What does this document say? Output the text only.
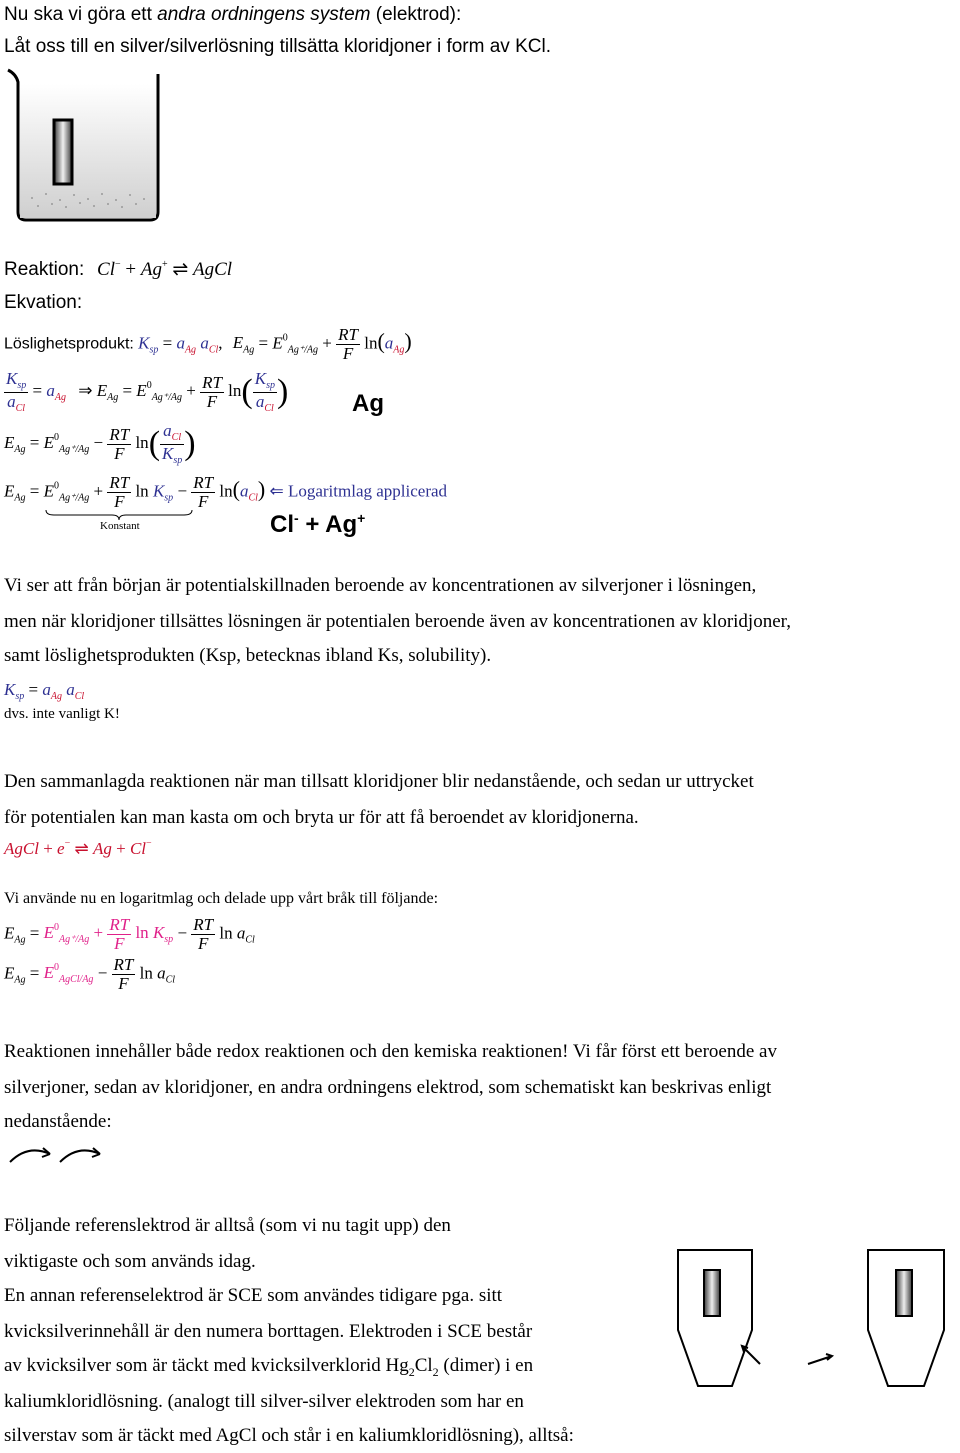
Nu ska vi göra ett andra ordningens system (elektrod):
Låt oss till en silver/silverlösning tillsätta kloridjoner i form av KCl.
Reaktion: Cl− + Ag+ ⇌ AgCl
Ekvation:
Löslighetsprodukt: $K_{sp} = a_{Ag}$ $a_{Cl}$, $E_{Ag} = E^0_{Ag^+/Ag} + \frac{RT}{F} \ln(a_{Ag})$
$\frac{K_{sp}}{a_{Cl}} = a_{Ag}$ ⇒ $E_{Ag} = E^0_{Ag^+/Ag} + \frac{RT}{F} \ln( \frac{K_{sp}}{a_{Cl}}$ )	Ag
$E_{Ag} = E^0_{Ag^+/Ag} - \frac{RT}{F} \ln( \frac{a_{Cl}}{K_{sp}}$ )
$E_{Ag} = E^0_{Ag^+/Ag} + \frac{RT}{F}$ $\ln K_{sp} - \frac{RT}{F} \ln(a_{Cl})$ ⇐ Logaritmlag applicerad
Konstant	Cl- + Ag+
Vi ser att från början är potentialskillnaden beroende av koncentrationen av silverjoner i lösningen,
men när kloridjoner tillsättes lösningen är potentialen beroende även av koncentrationen av kloridjoner,
samt löslighetsprodukten (Ksp, betecknas ibland Ks, solubility).
$K_{sp} = a_{Ag}$ $a_{Cl}$
dvs. inte vanligt K!
Den sammanlagda reaktionen när man tillsatt kloridjoner blir nedanstående, och sedan ur uttrycket
för potentialen kan man kasta om och bryta ur för att få beroendet av kloridjonerna.
AgCl + e− ⇌ Ag + Cl−
Vi använde nu en logaritmlag och delade upp vårt bråk till följande:
$E_{Ag} = E^0_{Ag^+/Ag} + \frac{RT}{F}$ $\ln K_{sp} - \frac{RT}{F}$ $\ln a_{Cl}$
$E_{Ag} = E^0_{AgCl/Ag} - \frac{RT}{F}$ $\ln a_{Cl}$
Reaktionen innehåller både redox reaktionen och den kemiska reaktionen! Vi får först ett beroende av
silverjoner, sedan av kloridjoner, en andra ordningens elektrod, som schematiskt kan beskrivas enligt
nedanstående:
Följande referenslektrod är alltså (som vi nu tagit upp) den
viktigaste och som används idag.
En annan referenselektrod är SCE som användes tidigare pga. sitt
kvicksilverinnehåll är den numera borttagen. Elektroden i SCE består
av kvicksilver som är täckt med kvicksilverklorid $Hg_2Cl_2$ (dimer) i en
kaliumkloridlösning. (analogt till silver-silver elektroden som har en
silverstav som är täckt med AgCl och står i en kaliumkloridlösning), alltså:
